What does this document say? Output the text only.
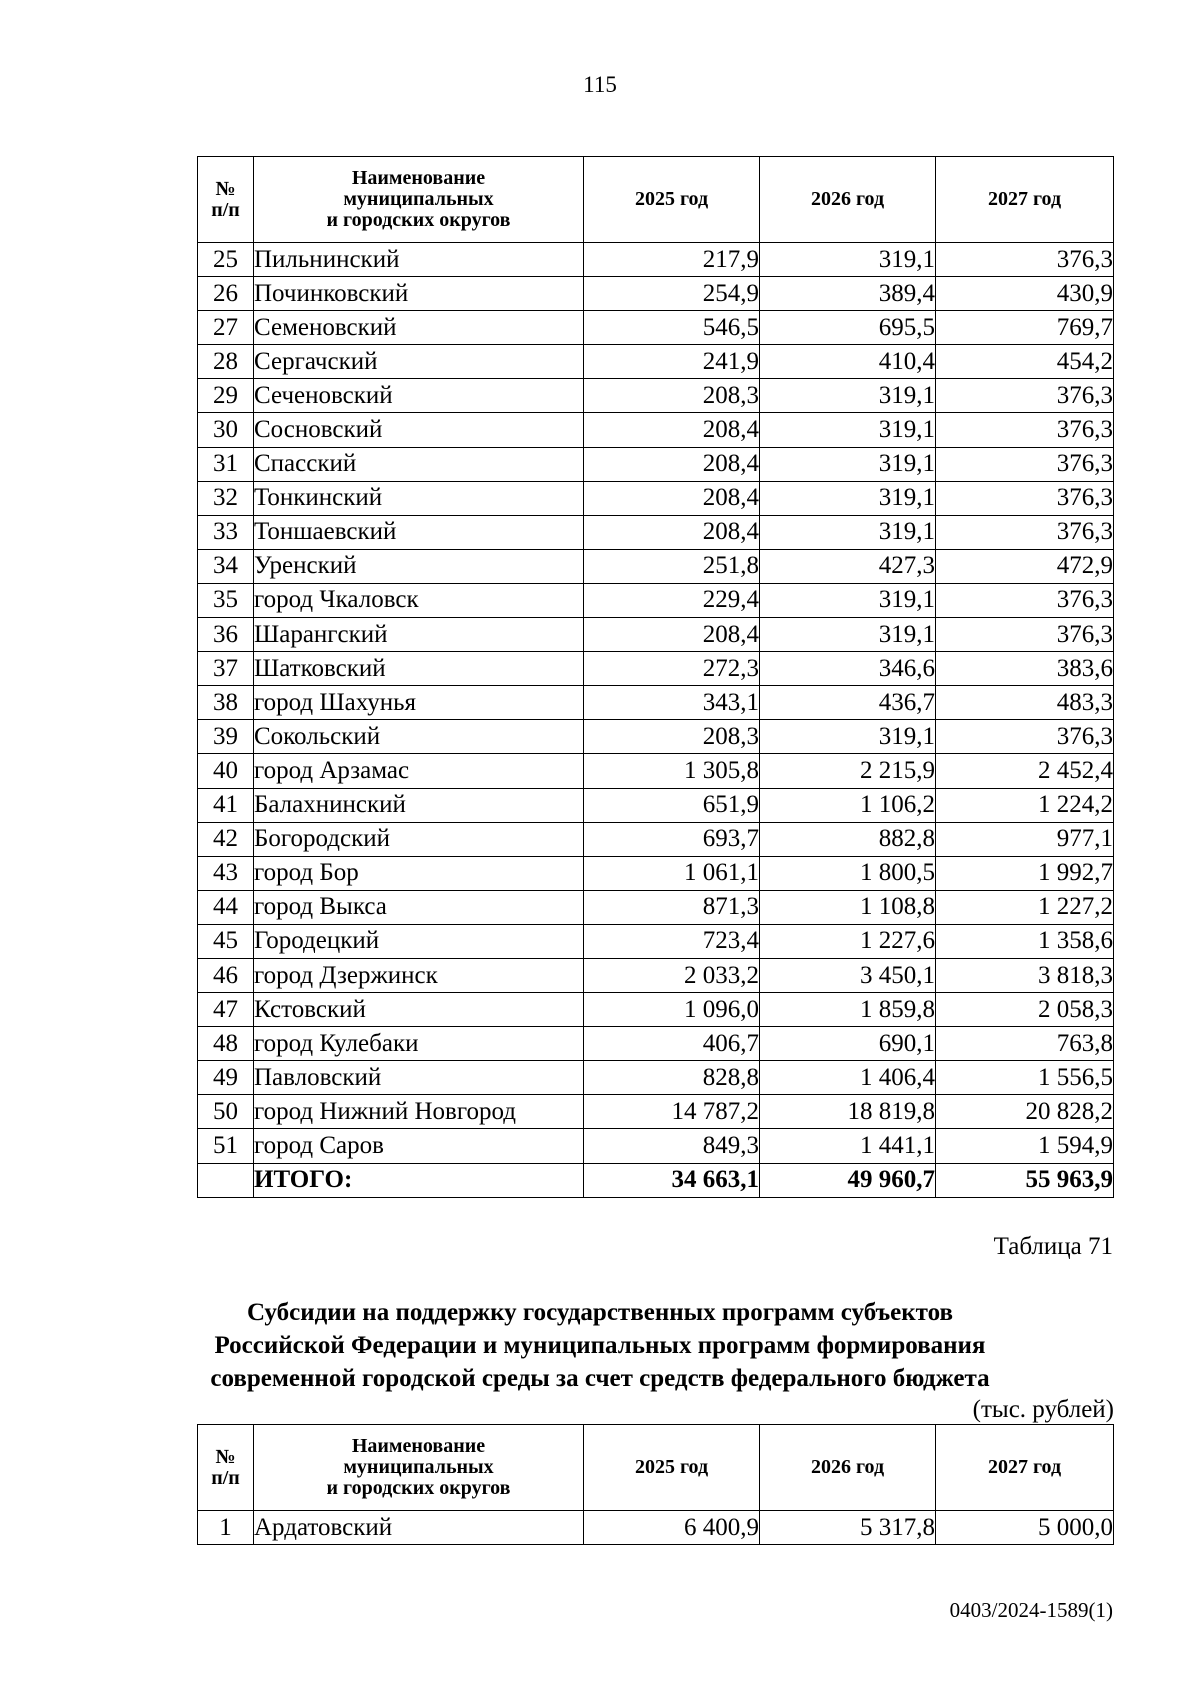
115
№
п/п	Наименование
муниципальных
и городских округов	2025 год	2026 год	2027 год
25	Пильнинский	217,9	319,1	376,3
26	Починковский	254,9	389,4	430,9
27	Семеновский	546,5	695,5	769,7
28	Сергачский	241,9	410,4	454,2
29	Сеченовский	208,3	319,1	376,3
30	Сосновский	208,4	319,1	376,3
31	Спасский	208,4	319,1	376,3
32	Тонкинский	208,4	319,1	376,3
33	Тоншаевский	208,4	319,1	376,3
34	Уренский	251,8	427,3	472,9
35	город Чкаловск	229,4	319,1	376,3
36	Шарангский	208,4	319,1	376,3
37	Шатковский	272,3	346,6	383,6
38	город Шахунья	343,1	436,7	483,3
39	Сокольский	208,3	319,1	376,3
40	город Арзамас	1 305,8	2 215,9	2 452,4
41	Балахнинский	651,9	1 106,2	1 224,2
42	Богородский	693,7	882,8	977,1
43	город Бор	1 061,1	1 800,5	1 992,7
44	город Выкса	871,3	1 108,8	1 227,2
45	Городецкий	723,4	1 227,6	1 358,6
46	город Дзержинск	2 033,2	3 450,1	3 818,3
47	Кстовский	1 096,0	1 859,8	2 058,3
48	город Кулебаки	406,7	690,1	763,8
49	Павловский	828,8	1 406,4	1 556,5
50	город Нижний Новгород	14 787,2	18 819,8	20 828,2
51	город Саров	849,3	1 441,1	1 594,9
	ИТОГО:	34 663,1	49 960,7	55 963,9
Таблица 71
Субсидии на поддержку государственных программ субъектов
Российской Федерации и муниципальных программ формирования
современной городской среды за счет средств федерального бюджета
(тыс. рублей)
№
п/п	Наименование
муниципальных
и городских округов	2025 год	2026 год	2027 год
1	Ардатовский	6 400,9	5 317,8	5 000,0
0403/2024-1589(1)
